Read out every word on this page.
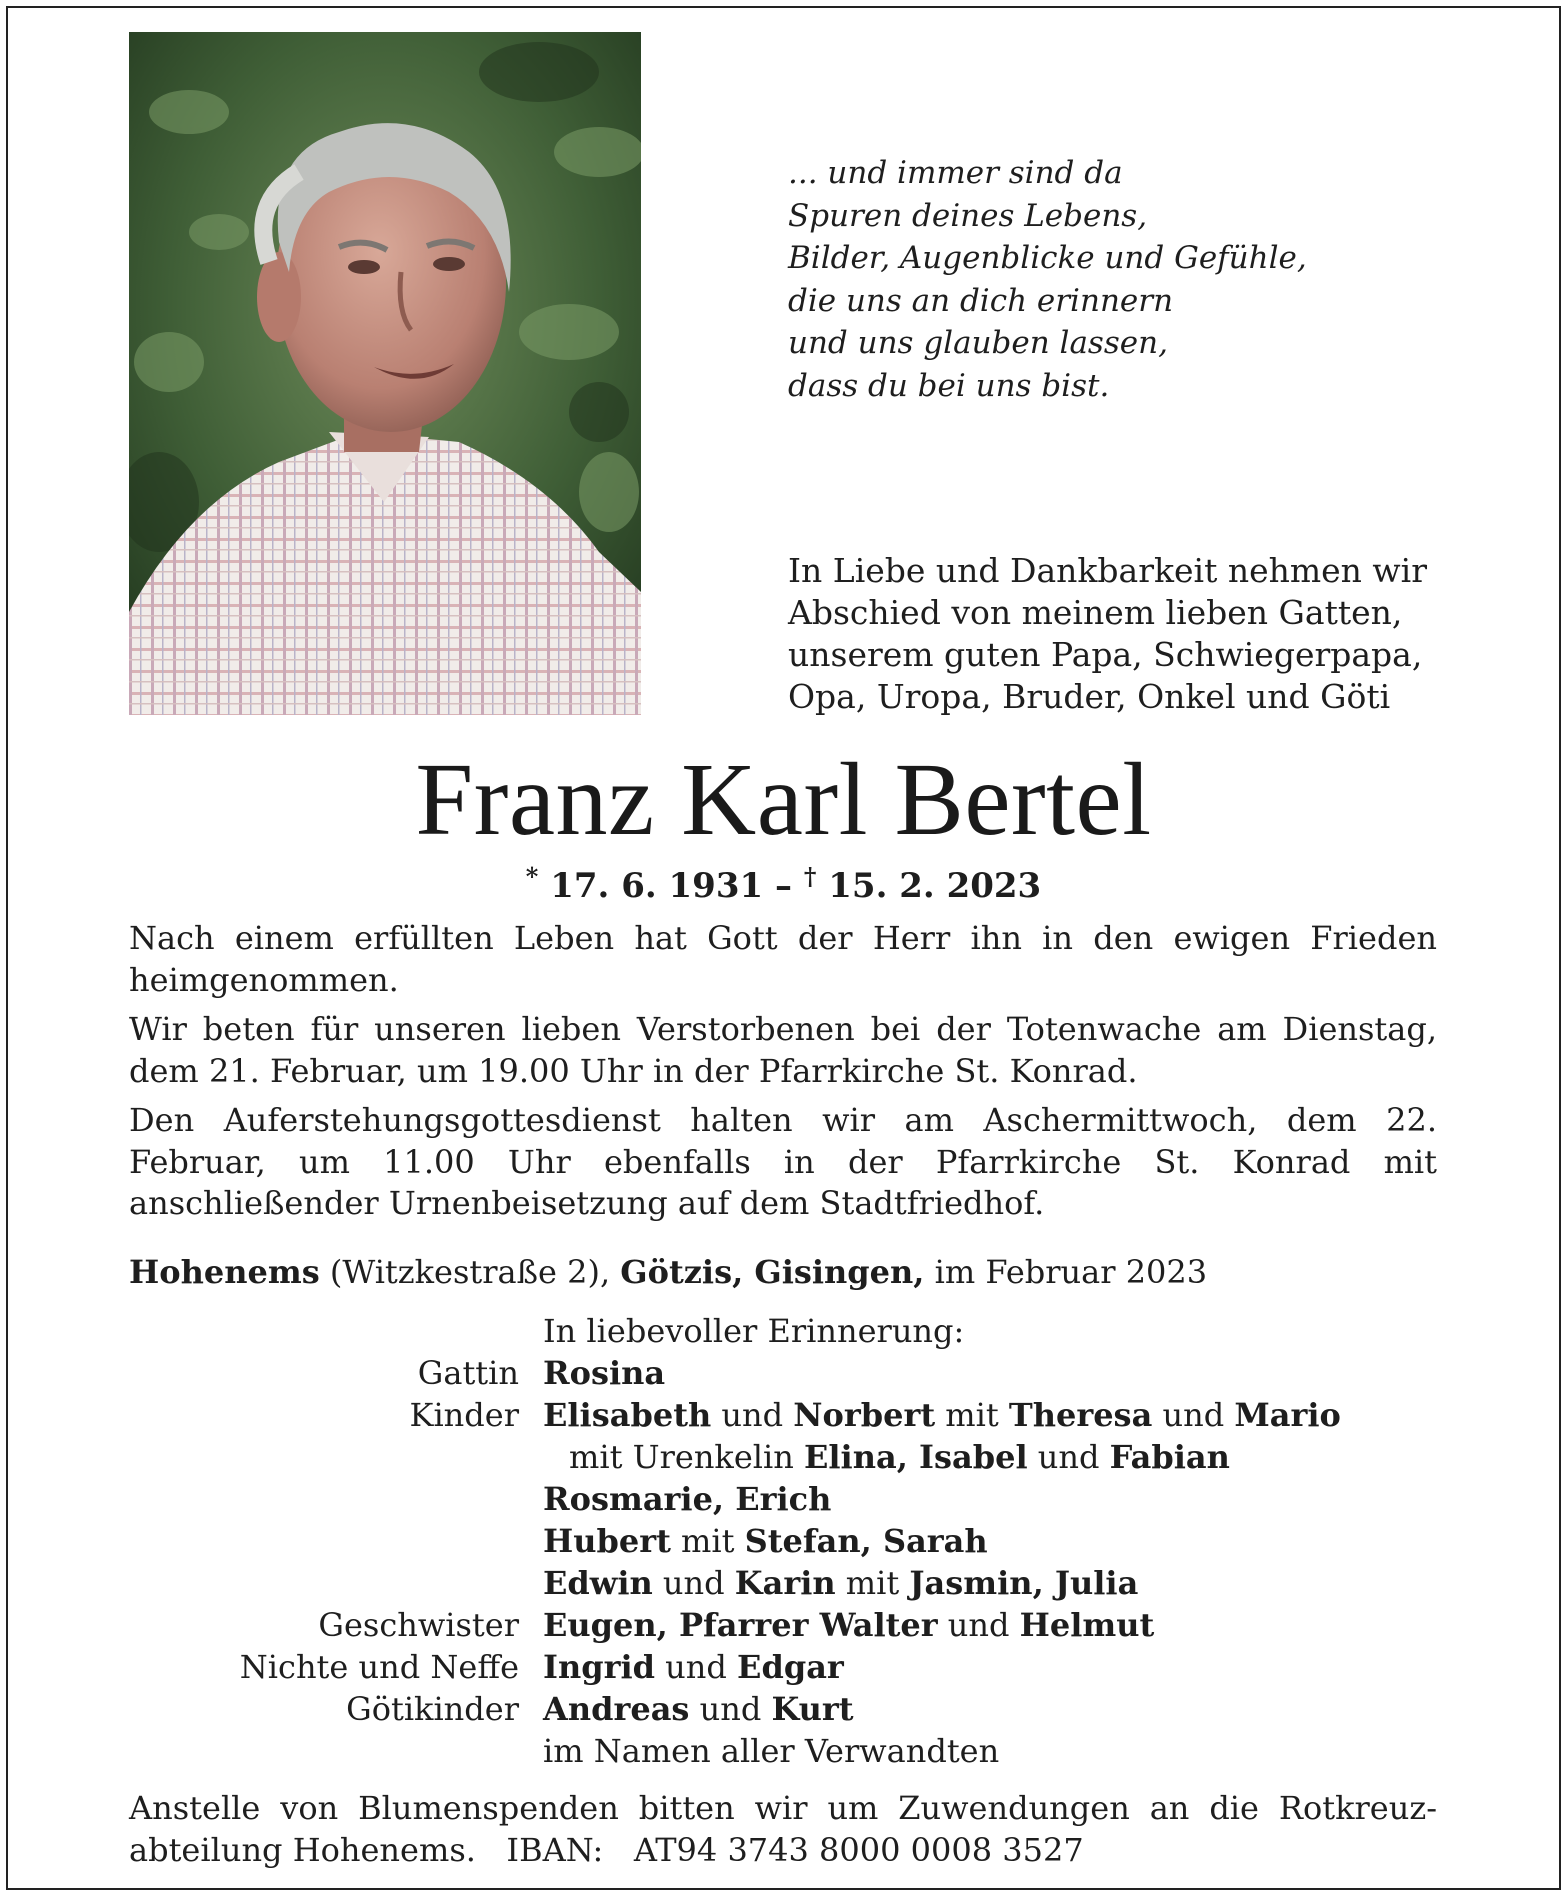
... und immer sind da
Spuren deines Lebens,
Bilder, Augenblicke und Gefühle,
die uns an dich erinnern
und uns glauben lassen,
dass du bei uns bist.
In Liebe und Dankbarkeit nehmen wir
Abschied von meinem lieben Gatten,
unserem guten Papa, Schwiegerpapa,
Opa, Uropa, Bruder, Onkel und Göti
Franz Karl Bertel
* 17. 6. 1931 – † 15. 2. 2023

Nach einem erfüllten Leben hat Gott der Herr ihn in den ewigen Frieden heimgenommen.

Wir beten für unseren lieben Verstorbenen bei der Totenwache am Dienstag, dem 21. Februar, um 19.00 Uhr in der Pfarrkirche St. Konrad.

Den Auferstehungsgottesdienst halten wir am Aschermittwoch, dem 22. Februar, um 11.00 Uhr ebenfalls in der Pfarrkirche St. Konrad mit anschließender Urnenbeisetzung auf dem Stadtfriedhof.

Hohenems (Witzkestraße 2), Götzis, Gisingen, im Februar 2023
In liebevoller Erinnerung:
Gattin Rosina
Kinder Elisabeth und Norbert mit Theresa und Mario
mit Urenkelin Elina, Isabel und Fabian
Rosmarie, Erich
Hubert mit Stefan, Sarah
Edwin und Karin mit Jasmin, Julia
Geschwister Eugen, Pfarrer Walter und Helmut
Nichte und Neffe Ingrid und Edgar
Götikinder Andreas und Kurt
im Namen aller Verwandten

Anstelle von Blumenspenden bitten wir um Zuwendungen an die Rotkreuz-

abteilung Hohenems. IBAN: AT94 3743 8000 0008 3527
